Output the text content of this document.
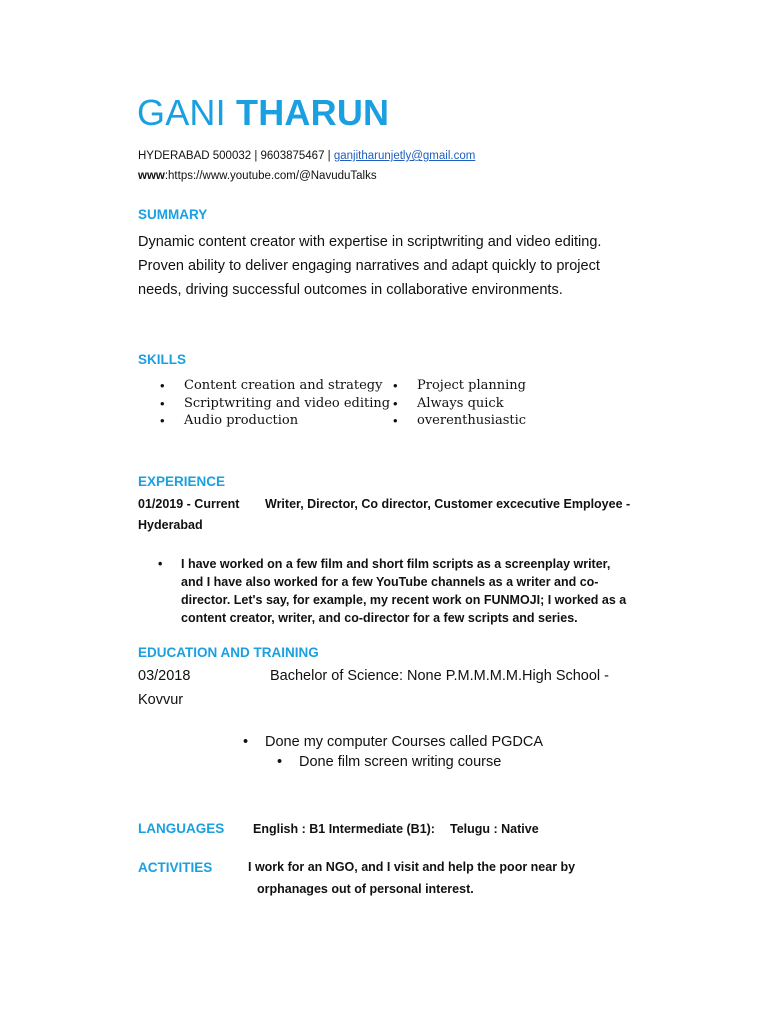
GANI THARUN
HYDERABAD 500032 | 9603875467 | ganjitharunjetly@gmail.com
www:https://www.youtube.com/@NavuduTalks
SUMMARY
Dynamic content creator with expertise in scriptwriting and video editing. Proven ability to deliver engaging narratives and adapt quickly to project needs, driving successful outcomes in collaborative environments.
SKILLS
• Content creation and strategy
• Scriptwriting and video editing
• Audio production
• Project planning
• Always quick
• overenthusiastic
EXPERIENCE
01/2019 - Current Writer, Director, Co director, Customer excecutive Employee -
Hyderabad
• I have worked on a few film and short film scripts as a screenplay writer, and I have also worked for a few YouTube channels as a writer and co-director. Let's say, for example, my recent work on FUNMOJI; I worked as a content creator, writer, and co-director for a few scripts and series.
EDUCATION AND TRAINING
03/2018	Bachelor of Science: None P.M.M.M.M.High School -
Kovvur
• Done my computer Courses called PGDCA
• Done film screen writing course
LANGUAGES English : B1 Intermediate (B1): Telugu : Native
ACTIVITIES	I work for an NGO, and I visit and help the poor near by
orphanages out of personal interest.
